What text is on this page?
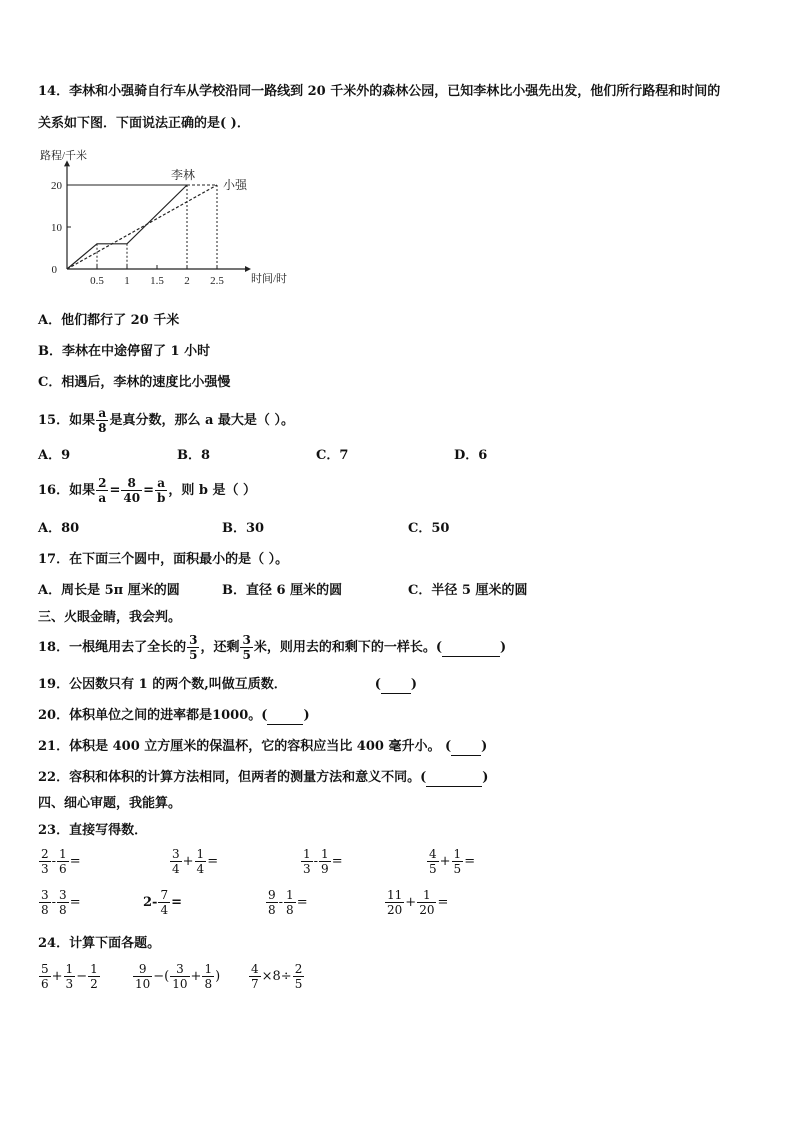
14．李林和小强骑自行车从学校沿同一路线到 20 千米外的森林公园，已知李林比小强先出发，他们所行路程和时间的
关系如下图．下面说法正确的是( )．
路程/千米
时间/时
0
10
20
0.5 1 1.5 2 2.5
李林
小强
A．他们都行了 20 千米
B．李林在中途停留了 1 小时
C．相遇后，李林的速度比小强慢
15．如果 $\frac{a}{8}$ 是真分数，那么 a 最大是（ ）。
A．9	B．8	C．7	D．6
16．如果 $\frac{2}{a} = \frac{8}{40} = \frac{a}{b}$ ，则 b 是（ ）
A．80	B．30	C．50
17．在下面三个圆中，面积最小的是（ ）。
A．周长是 5π 厘米的圆	B．直径 6 厘米的圆	C．半径 5 厘米的圆
三、火眼金睛，我会判。
18．一根绳用去了全长的 $\frac{3}{5}$ ，还剩 $\frac{3}{5}$ 米，则用去的和剩下的一样长。(	)
19．公因数只有 1 的两个数,叫做互质数．	( )
20．体积单位之间的进率都是1000。(	)
21．体积是 400 立方厘米的保温杯，它的容积应当比 400 毫升小。 ( )
22．容积和体积的计算方法相同，但两者的测量方法和意义不同。(	)
四、细心审题，我能算。
23．直接写得数．
$\frac{2}{3} - \frac{1}{6}$ =	$\frac{3}{4} + \frac{1}{4}$ =	$\frac{1}{3} - \frac{1}{9}$ =	$\frac{4}{5} + \frac{1}{5}$ =
$\frac{3}{8} - \frac{3}{8}$ =	$2- \frac{7}{4}$ =	$\frac{9}{8} - \frac{1}{8}$ =	$\frac{11}{20} + \frac{1}{20}$ =
24．计算下面各题。
$\frac{5}{6} + \frac{1}{3} - \frac{1}{2}$	$\frac{9}{10}$ −( $\frac{3}{10} + \frac{1}{8}$ ) $\frac{4}{7} \times 8\div \frac{2}{5}$
